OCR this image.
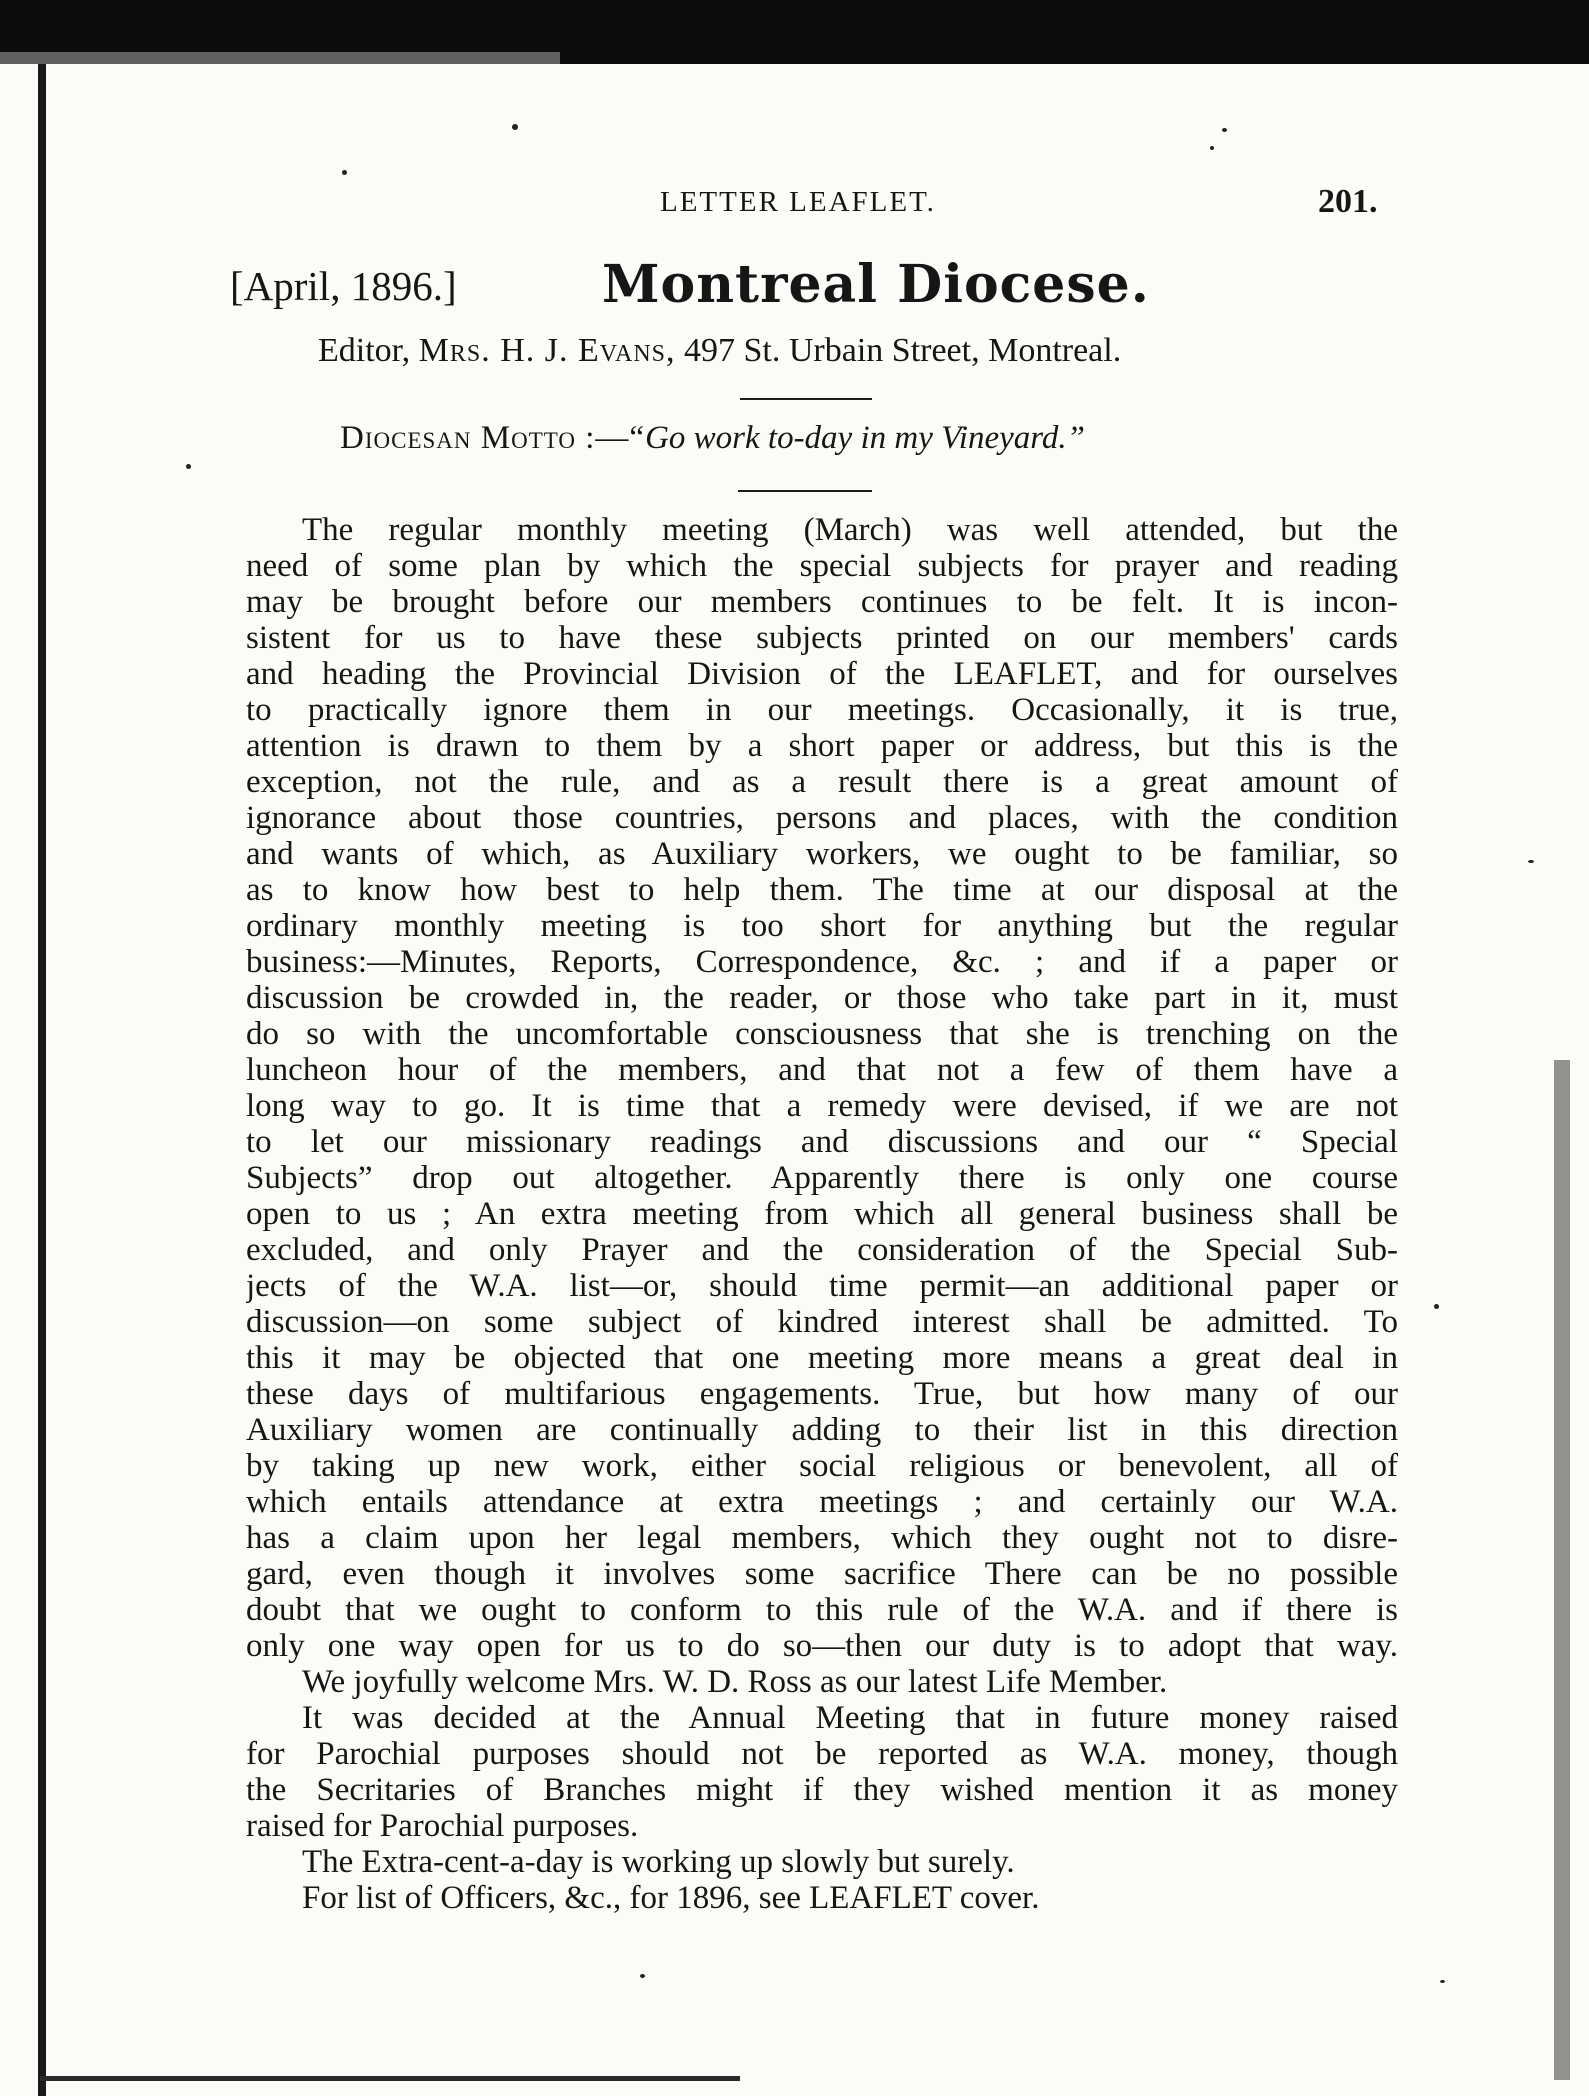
LETTER LEAFLET.	201.
[April, 1896.]	Montreal Diocese.
Editor, Mrs. H. J. Evans, 497 St. Urbain Street, Montreal.
Diocesan Motto :—“Go work to-day in my Vineyard.”
The regular monthly meeting (March) was well attended, but the
need of some plan by which the special subjects for prayer and reading
may be brought before our members continues to be felt. It is incon-
sistent for us to have these subjects printed on our members' cards
and heading the Provincial Division of the LEAFLET, and for ourselves
to practically ignore them in our meetings. Occasionally, it is true,
attention is drawn to them by a short paper or address, but this is the
exception, not the rule, and as a result there is a great amount of
ignorance about those countries, persons and places, with the condition
and wants of which, as Auxiliary workers, we ought to be familiar, so
as to know how best to help them. The time at our disposal at the
ordinary monthly meeting is too short for anything but the regular
business:—Minutes, Reports, Correspondence, &c. ; and if a paper or
discussion be crowded in, the reader, or those who take part in it, must
do so with the uncomfortable consciousness that she is trenching on the
luncheon hour of the members, and that not a few of them have a
long way to go. It is time that a remedy were devised, if we are not
to let our missionary readings and discussions and our “ Special
Subjects” drop out altogether. Apparently there is only one course
open to us ; An extra meeting from which all general business shall be
excluded, and only Prayer and the consideration of the Special Sub-
jects of the W.A. list—or, should time permit—an additional paper or
discussion—on some subject of kindred interest shall be admitted. To
this it may be objected that one meeting more means a great deal in
these days of multifarious engagements. True, but how many of our
Auxiliary women are continually adding to their list in this direction
by taking up new work, either social religious or benevolent, all of
which entails attendance at extra meetings ; and certainly our W.A.
has a claim upon her legal members, which they ought not to disre-
gard, even though it involves some sacrifice There can be no possible
doubt that we ought to conform to this rule of the W.A. and if there is
only one way open for us to do so—then our duty is to adopt that way.
We joyfully welcome Mrs. W. D. Ross as our latest Life Member.
It was decided at the Annual Meeting that in future money raised
for Parochial purposes should not be reported as W.A. money, though
the Secritaries of Branches might if they wished mention it as money
raised for Parochial purposes.
The Extra-cent-a-day is working up slowly but surely.
For list of Officers, &c., for 1896, see LEAFLET cover.
